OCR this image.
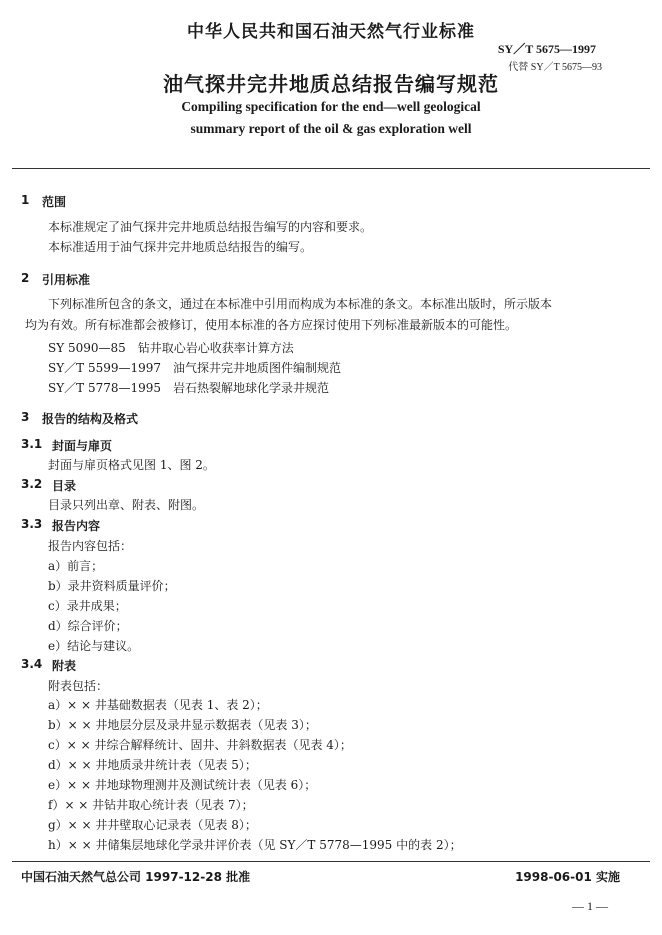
中华人民共和国石油天然气行业标准
SY／T 5675—1997
代替 SY／T 5675—93
油气探井完井地质总结报告编写规范
Compiling specification for the end—well geological
summary report of the oil & gas exploration well
1 范围
本标准规定了油气探井完井地质总结报告编写的内容和要求。
本标准适用于油气探井完井地质总结报告的编写。
2 引用标准
下列标准所包含的条文，通过在本标准中引用而构成为本标准的条文。本标准出版时，所示版本
均为有效。所有标准都会被修订，使用本标准的各方应探讨使用下列标准最新版本的可能性。
SY 5090—85　钻井取心岩心收获率计算方法
SY／T 5599—1997　油气探井完井地质图件编制规范
SY／T 5778—1995　岩石热裂解地球化学录井规范
3 报告的结构及格式
3.1 封面与扉页
封面与扉页格式见图 1、图 2。
3.2 目录
目录只列出章、附表、附图。
3.3 报告内容
报告内容包括：
a）前言；
b）录井资料质量评价；
c）录井成果；
d）综合评价；
e）结论与建议。
3.4 附表
附表包括：
a）× × 井基础数据表（见表 1、表 2）；
b）× × 井地层分层及录井显示数据表（见表 3）；
c）× × 井综合解释统计、固井、井斜数据表（见表 4）；
d）× × 井地质录井统计表（见表 5）；
e）× × 井地球物理测井及测试统计表（见表 6）；
f）× × 井钻井取心统计表（见表 7）；
g）× × 井井壁取心记录表（见表 8）；
h）× × 井储集层地球化学录井评价表（见 SY／T 5778—1995 中的表 2）；
中国石油天然气总公司 1997-12-28 批准	1998-06-01 实施
— 1 —
